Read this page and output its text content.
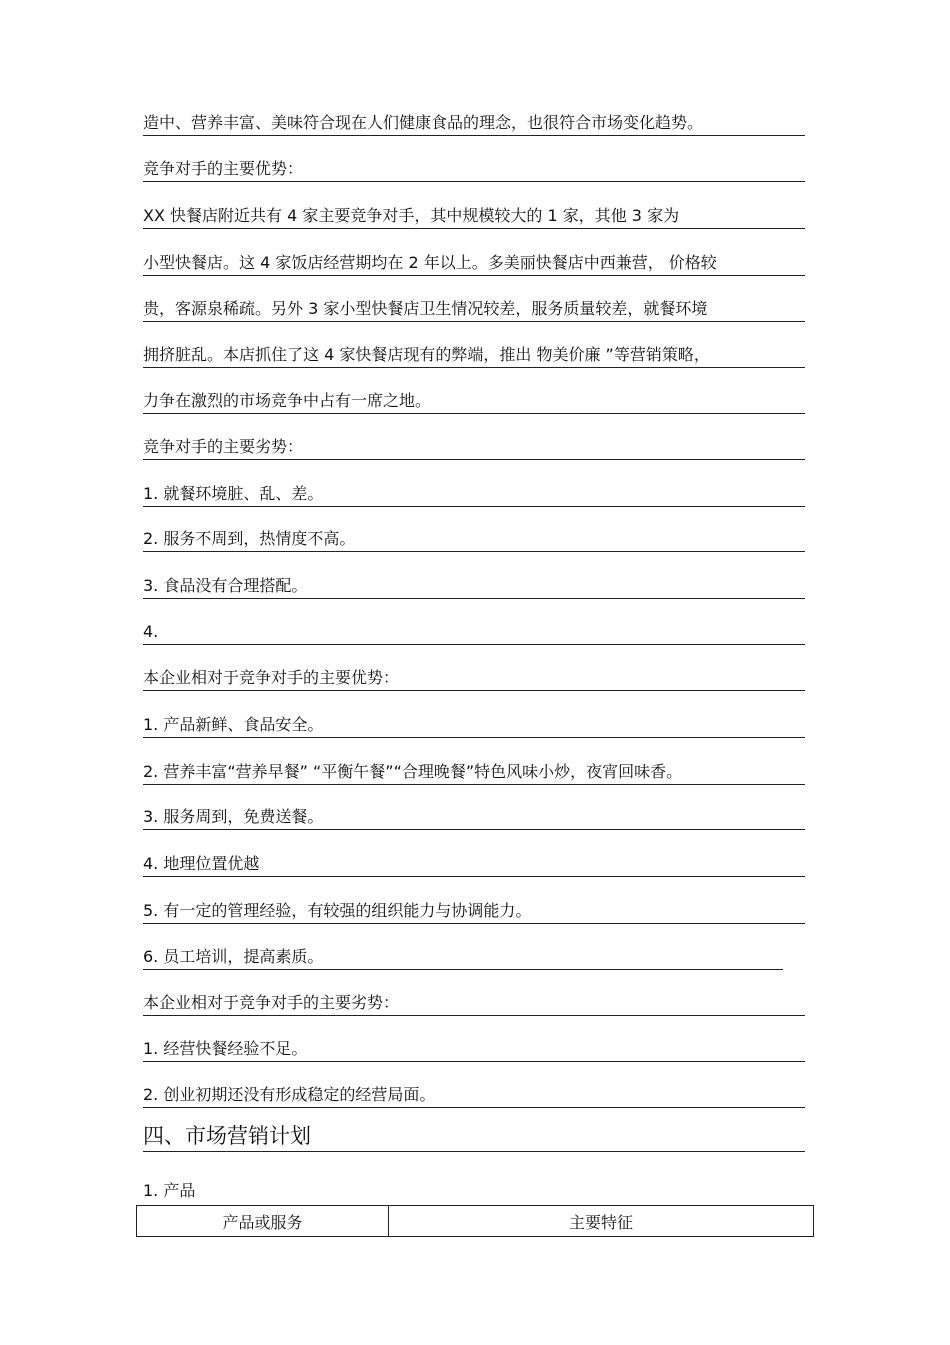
造中、营养丰富、美味符合现在人们健康食品的理念，也很符合市场变化趋势。
竞争对手的主要优势：
XX 快餐店附近共有 4 家主要竞争对手，其中规模较大的 1 家，其他 3 家为
小型快餐店。这 4 家饭店经营期均在 2 年以上。多美丽快餐店中西兼营， 价格较
贵，客源泉稀疏。另外 3 家小型快餐店卫生情况较差，服务质量较差，就餐环境
拥挤脏乱。本店抓住了这 4 家快餐店现有的弊端，推出 物美价廉 ”等营销策略，
力争在激烈的市场竞争中占有一席之地。
竞争对手的主要劣势：
1. 就餐环境脏、乱、差。
2. 服务不周到，热情度不高。
3. 食品没有合理搭配。
4.
本企业相对于竞争对手的主要优势：
1. 产品新鲜、食品安全。
2. 营养丰富“营养早餐” “平衡午餐”“合理晚餐”特色风味小炒，夜宵回味香。
3. 服务周到，免费送餐。
4. 地理位置优越
5. 有一定的管理经验，有较强的组织能力与协调能力。
6. 员工培训，提高素质。
本企业相对于竞争对手的主要劣势：
1. 经营快餐经验不足。
2. 创业初期还没有形成稳定的经营局面。
四、市场营销计划
1. 产品
产品或服务	主要特征
